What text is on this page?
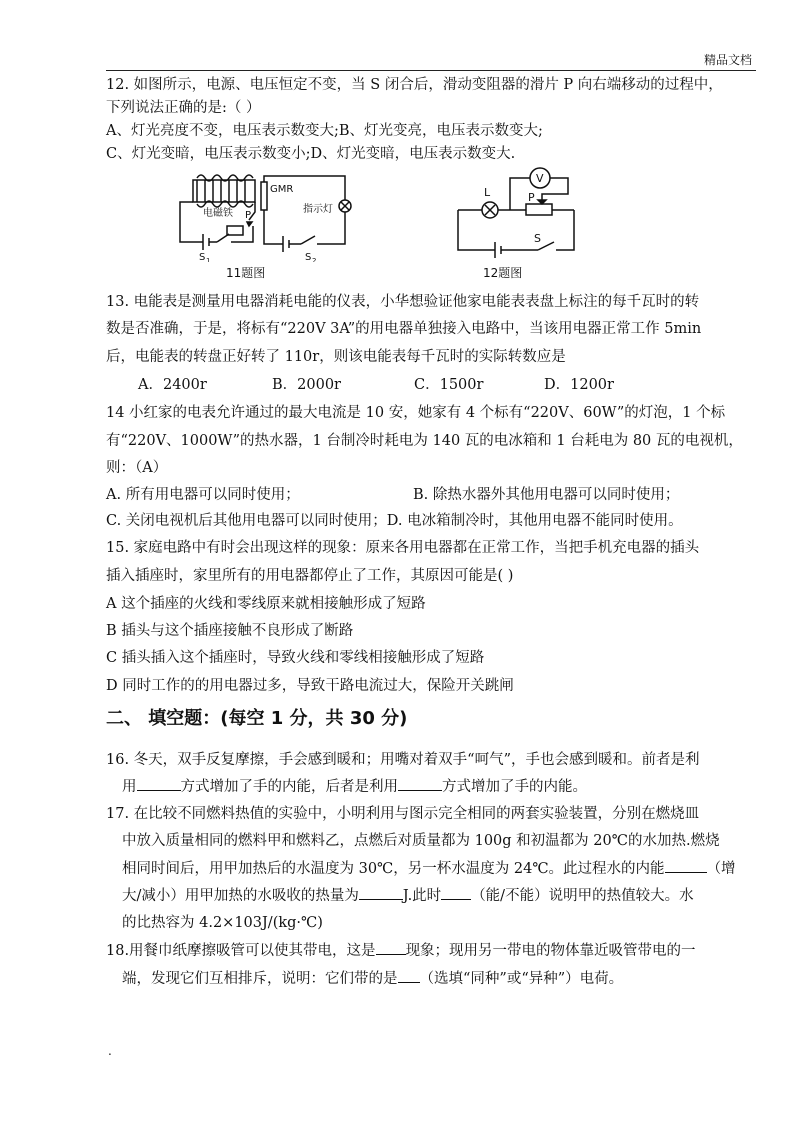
精品文档
12. 如图所示，电源、电压恒定不变，当 S 闭合后，滑动变阻器的滑片 P 向右端移动的过程中，
下列说法正确的是:（ ）
A、灯光亮度不变，电压表示数变大;B、灯光变亮，电压表示数变大;
C、灯光变暗，电压表示数变小;D、灯光变暗，电压表示数变大.
电磁铁
GMR
指示灯
P
S 1	S 2
11题图
L
V
P
S
12题图
13. 电能表是测量用电器消耗电能的仪表，小华想验证他家电能表表盘上标注的每千瓦时的转
数是否准确，于是，将标有“220V 3A”的用电器单独接入电路中，当该用电器正常工作 5min
后，电能表的转盘正好转了 110r，则该电能表每千瓦时的实际转数应是
A．2400r	B．2000r	C．1500r	D．1200r
14 小红家的电表允许通过的最大电流是 10 安，她家有 4 个标有“220V、60W”的灯泡，1 个标
有“220V、1000W”的热水器，1 台制冷时耗电为 140 瓦的电冰箱和 1 台耗电为 80 瓦的电视机，
则：（A）
A. 所有用电器可以同时使用；	B. 除热水器外其他用电器可以同时使用；
C. 关闭电视机后其他用电器可以同时使用；D. 电冰箱制冷时，其他用电器不能同时使用。
15. 家庭电路中有时会出现这样的现象：原来各用电器都在正常工作，当把手机充电器的插头
插入插座时，家里所有的用电器都停止了工作，其原因可能是( )
A 这个插座的火线和零线原来就相接触形成了短路
B 插头与这个插座接触不良形成了断路
C 插头插入这个插座时，导致火线和零线相接触形成了短路
D 同时工作的的用电器过多，导致干路电流过大，保险开关跳闸
二、 填空题：(每空 1 分，共 30 分)
16. 冬天，双手反复摩擦，手会感到暖和；用嘴对着双手“呵气”，手也会感到暖和。前者是利
用	方式增加了手的内能，后者是利用	方式增加了手的内能。
17. 在比较不同燃料热值的实验中，小明利用与图示完全相同的两套实验装置，分别在燃烧皿
中放入质量相同的燃料甲和燃料乙，点燃后对质量都为 100g 和初温都为 20℃的水加热.燃烧
相同时间后，用甲加热后的水温度为 30℃，另一杯水温度为 24℃。此过程水的内能	（增
大/减小）用甲加热的水吸收的热量为	J.此时 （能/不能）说明甲的热值较大。水
的比热容为 4.2×103J/(kg·℃)
18.用餐巾纸摩擦吸管可以使其带电，这是 现象；现用另一带电的物体靠近吸管带电的一
端，发现它们互相排斥，说明：它们带的是 （选填“同种”或“异种”）电荷。
.
